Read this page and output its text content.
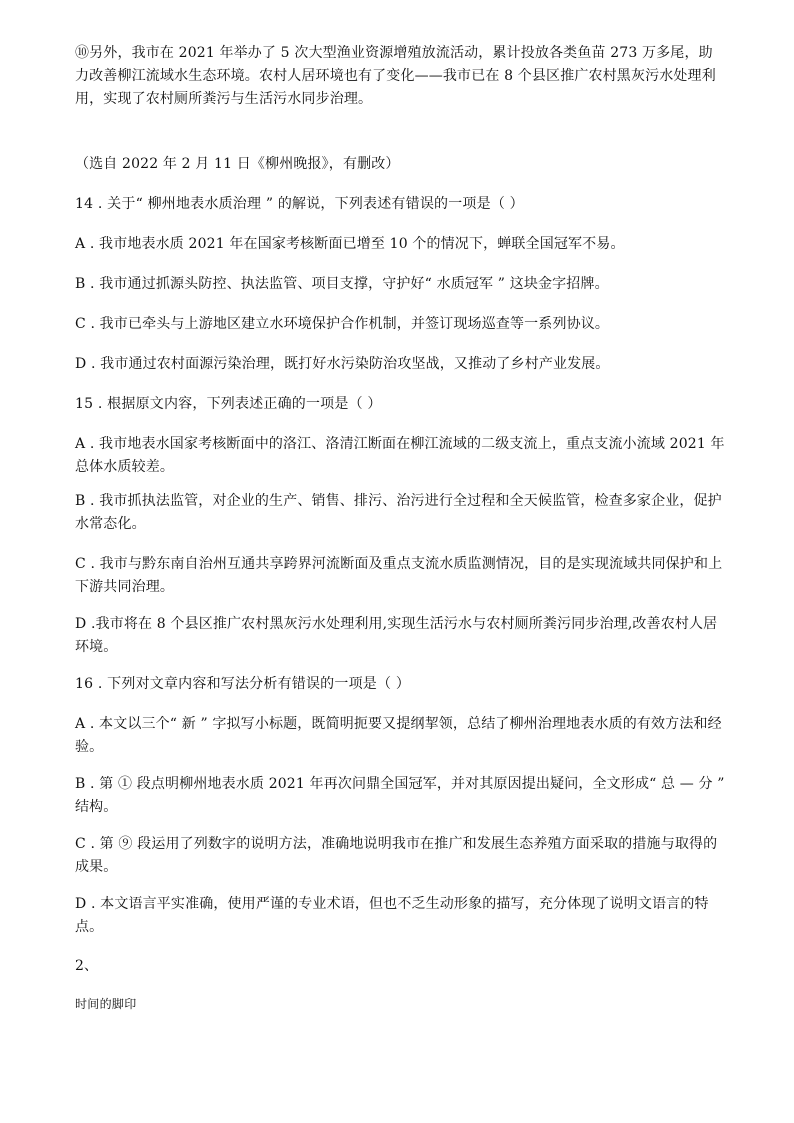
⑩另外，我市在 2021 年举办了 5 次大型渔业资源增殖放流活动，累计投放各类鱼苗 273 万多尾，助力改善柳江流域水生态环境。农村人居环境也有了变化——我市已在 8 个县区推广农村黑灰污水处理利用，实现了农村厕所粪污与生活污水同步治理。
（选自 2022 年 2 月 11 日《柳州晚报》，有删改）
14 . 关于“ 柳州地表水质治理 ” 的解说，下列表述有错误的一项是（ ）
A . 我市地表水质 2021 年在国家考核断面已增至 10 个的情况下，蝉联全国冠军不易。
B . 我市通过抓源头防控、执法监管、项目支撑，守护好“ 水质冠军 ” 这块金字招牌。
C . 我市已牵头与上游地区建立水环境保护合作机制，并签订现场巡查等一系列协议。
D . 我市通过农村面源污染治理，既打好水污染防治攻坚战，又推动了乡村产业发展。
15 . 根据原文内容，下列表述正确的一项是（ ）
A . 我市地表水国家考核断面中的洛江、洛清江断面在柳江流域的二级支流上，重点支流小流域 2021 年总体水质较差。
B . 我市抓执法监管，对企业的生产、销售、排污、治污进行全过程和全天候监管，检查多家企业，促护水常态化。
C . 我市与黔东南自治州互通共享跨界河流断面及重点支流水质监测情况，目的是实现流域共同保护和上下游共同治理。
D .我市将在 8 个县区推广农村黑灰污水处理利用,实现生活污水与农村厕所粪污同步治理,改善农村人居环境。
16 . 下列对文章内容和写法分析有错误的一项是（ ）
A . 本文以三个“ 新 ” 字拟写小标题，既简明扼要又提纲挈领，总结了柳州治理地表水质的有效方法和经验。
B . 第 ① 段点明柳州地表水质 2021 年再次问鼎全国冠军，并对其原因提出疑问，全文形成“ 总 — 分 ” 结构。
C . 第 ⑨ 段运用了列数字的说明方法，准确地说明我市在推广和发展生态养殖方面采取的措施与取得的成果。
D . 本文语言平实准确，使用严谨的专业术语，但也不乏生动形象的描写，充分体现了说明文语言的特点。
2、
时间的脚印
